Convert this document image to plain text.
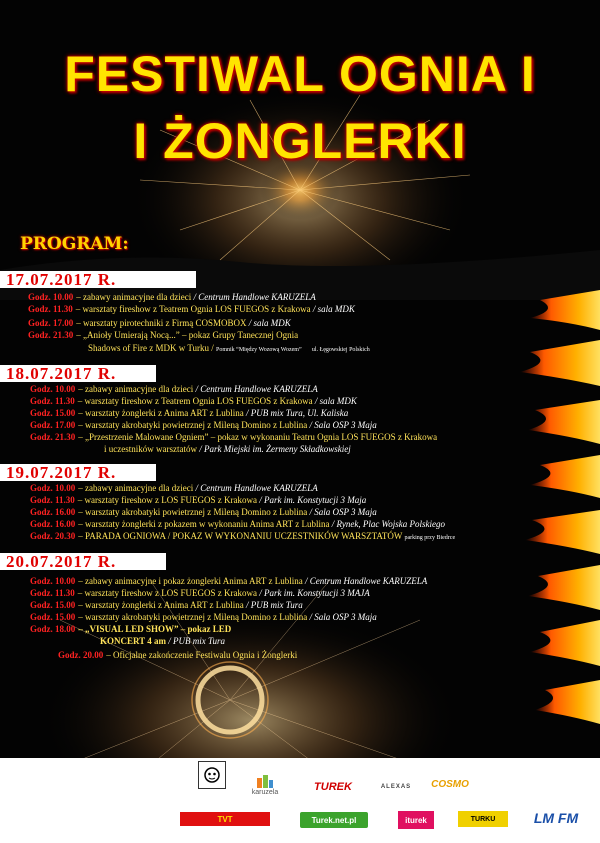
FESTIWAL OGNIA I
I ŻONGLERKI
PROGRAM:
17.07.2017 R.
Godz. 10.00 – zabawy animacyjne dla dzieci / Centrum Handlowe KARUZELA
Godz. 11.30 – warsztaty fireshow z Teatrem Ognia LOS FUEGOS z Krakowa / sala MDK
Godz. 17.00 – warsztaty pirotechniki z Firmą COSMOBOX / sala MDK
Godz. 21.30 – „Anioły Umierają Nocą...” – pokaz Grupy Tanecznej Ognia
Shadows of Fire z MDK w Turku / Pomnik “Między Wozową Wozem” ul. Łęgowskiej Polskich
18.07.2017 R.
Godz. 10.00 – zabawy animacyjne dla dzieci / Centrum Handlowe KARUZELA
Godz. 11.30 – warsztaty fireshow z Teatrem Ognia LOS FUEGOS z Krakowa / sala MDK
Godz. 15.00 – warsztaty żonglerki z Anima ART z Lublina / PUB mix Tura, Ul. Kaliska
Godz. 17.00 – warsztaty akrobatyki powietrznej z Mileną Domino z Lublina / Sala OSP 3 Maja
Godz. 21.30 – „Przestrzenie Malowane Ogniem” – pokaz w wykonaniu Teatru Ognia LOS FUEGOS z Krakowa
i uczestników warsztatów / Park Miejski im. Żermeny Składkowskiej
19.07.2017 R.
Godz. 10.00 – zabawy animacyjne dla dzieci / Centrum Handlowe KARUZELA
Godz. 11.30 – warsztaty fireshow z LOS FUEGOS z Krakowa / Park im. Konstytucji 3 Maja
Godz. 16.00 – warsztaty akrobatyki powietrznej z Mileną Domino z Lublina / Sala OSP 3 Maja
Godz. 16.00 – warsztaty żonglerki z pokazem w wykonaniu Anima ART z Lublina / Rynek, Plac Wojska Polskiego
Godz. 20.30 – PARADA OGNIOWA / POKAZ W WYKONANIU UCZESTNIKÓW WARSZTATÓW parking przy Biedrce
20.07.2017 R.
Godz. 10.00 – zabawy animacyjne i pokaz żonglerki Anima ART z Lublina / Centrum Handlowe KARUZELA
Godz. 11.30 – warsztaty fireshow z LOS FUEGOS z Krakowa / Park im. Konstytucji 3 MAJA
Godz. 15.00 – warsztaty żonglerki z Anima ART z Lublina / PUB mix Tura
Godz. 15.00 – warsztaty akrobatyki powietrznej z Mileną Domino z Lublina / Sala OSP 3 Maja
Godz. 18.00 – „VISUAL LED SHOW” – pokaz LED
KONCERT 4 am / PUB mix Tura
Godz. 20.00 – Oficjalne zakończenie Festiwalu Ognia i Żonglerki
SPONSORZY I WSPÓŁORGANIZATORZY:
PATRONAT NAD IMPREZĄ OBJĘLI:
karuzela	TUREK	ALEXAS	COSMO
TVT	Turek.net.pl	iturek	TURKU	LM FM
